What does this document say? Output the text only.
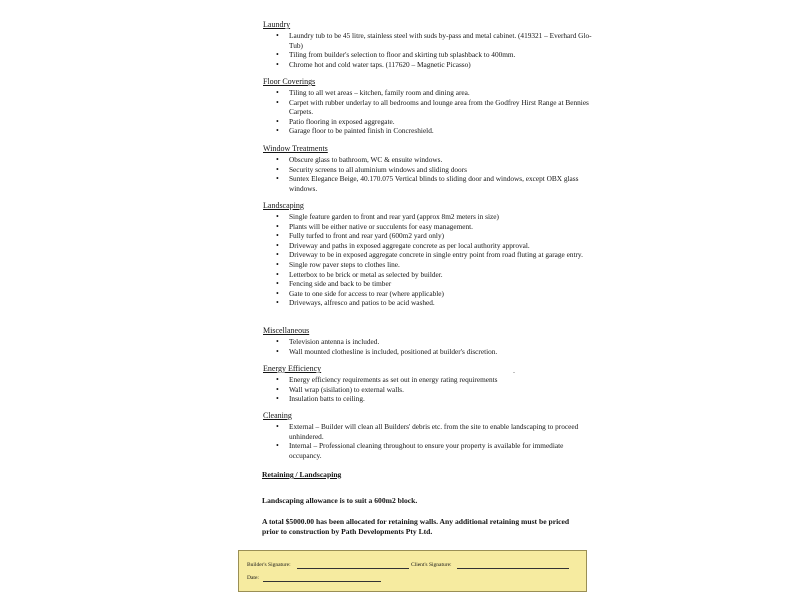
Laundry
• Laundry tub to be 45 litre, stainless steel with suds by-pass and metal cabinet. (419321 – Everhard Glo-Tub)
• Tiling from builder's selection to floor and skirting tub splashback to 400mm.
• Chrome hot and cold water taps. (117620 – Magnetic Picasso)
Floor Coverings
• Tiling to all wet areas – kitchen, family room and dining area.
• Carpet with rubber underlay to all bedrooms and lounge area from the Godfrey Hirst Range at Bennies Carpets.
• Patio flooring in exposed aggregate.
• Garage floor to be painted finish in Concreshield.
Window Treatments
• Obscure glass to bathroom, WC & ensuite windows.
• Security screens to all aluminium windows and sliding doors
• Suntex Elegance Beige, 40.170.075 Vertical blinds to sliding door and windows, except OBX glass windows.
Landscaping
• Single feature garden to front and rear yard (approx 8m2 meters in size)
• Plants will be either native or succulents for easy management.
• Fully turfed to front and rear yard (600m2 yard only)
• Driveway and paths in exposed aggregate concrete as per local authority approval.
• Driveway to be in exposed aggregate concrete in single entry point from road fluting at garage entry.
• Single row paver steps to clothes line.
• Letterbox to be brick or metal as selected by builder.
• Fencing side and back to be timber
• Gate to one side for access to rear (where applicable)
• Driveways, alfresco and patios to be acid washed.
Miscellaneous
• Television antenna is included.
• Wall mounted clothesline is included, positioned at builder's discretion.
Energy Efficiency
• Energy efficiency requirements as set out in energy rating requirements
• Wall wrap (sisilation) to external walls.
• Insulation batts to ceiling.
Cleaning
• External – Builder will clean all Builders' debris etc. from the site to enable landscaping to proceed unhindered.
• Internal – Professional cleaning throughout to ensure your property is available for immediate occupancy.
Retaining / Landscaping
Landscaping allowance is to suit a 600m2 block.
A total $5000.00 has been allocated for retaining walls. Any additional retaining must be priced prior to construction by Path Developments Pty Ltd.
-
Builder's Signature:	Client's Signature:
Date:
